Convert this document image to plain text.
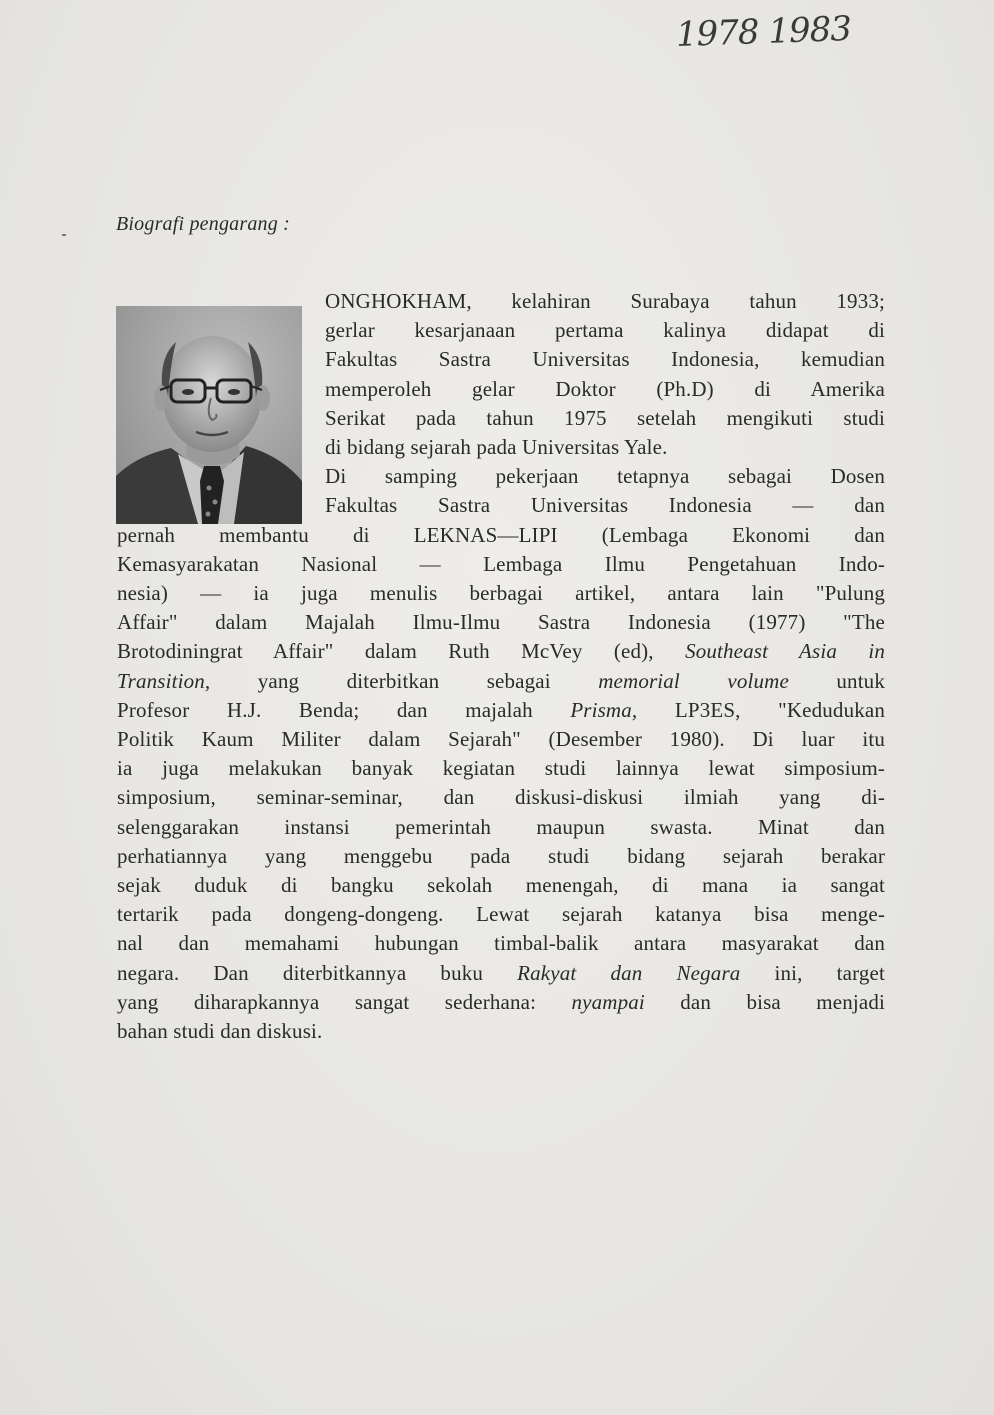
1978 1983
Biografi pengarang :
ONGHOKHAM, kelahiran Surabaya tahun 1933;
gerlar kesarjanaan pertama kalinya didapat di
Fakultas Sastra Universitas Indonesia, kemudian
memperoleh gelar Doktor (Ph.D) di Amerika
Serikat pada tahun 1975 setelah mengikuti studi
di bidang sejarah pada Universitas Yale.
Di samping pekerjaan tetapnya sebagai Dosen
Fakultas Sastra Universitas Indonesia — dan
pernah membantu di LEKNAS—LIPI (Lembaga Ekonomi dan
Kemasyarakatan Nasional — Lembaga Ilmu Pengetahuan Indo-
nesia) — ia juga menulis berbagai artikel, antara lain "Pulung
Affair" dalam Majalah Ilmu-Ilmu Sastra Indonesia (1977) "The
Brotodiningrat Affair" dalam Ruth McVey (ed), Southeast Asia in
Transition, yang diterbitkan sebagai memorial volume untuk
Profesor H.J. Benda; dan majalah Prisma, LP3ES, "Kedudukan
Politik Kaum Militer dalam Sejarah" (Desember 1980). Di luar itu
ia juga melakukan banyak kegiatan studi lainnya lewat simposium-
simposium, seminar-seminar, dan diskusi-diskusi ilmiah yang di-
selenggarakan instansi pemerintah maupun swasta. Minat dan
perhatiannya yang menggebu pada studi bidang sejarah berakar
sejak duduk di bangku sekolah menengah, di mana ia sangat
tertarik pada dongeng-dongeng. Lewat sejarah katanya bisa menge-
nal dan memahami hubungan timbal-balik antara masyarakat dan
negara. Dan diterbitkannya buku Rakyat dan Negara ini, target
yang diharapkannya sangat sederhana: nyampai dan bisa menjadi
bahan studi dan diskusi.
